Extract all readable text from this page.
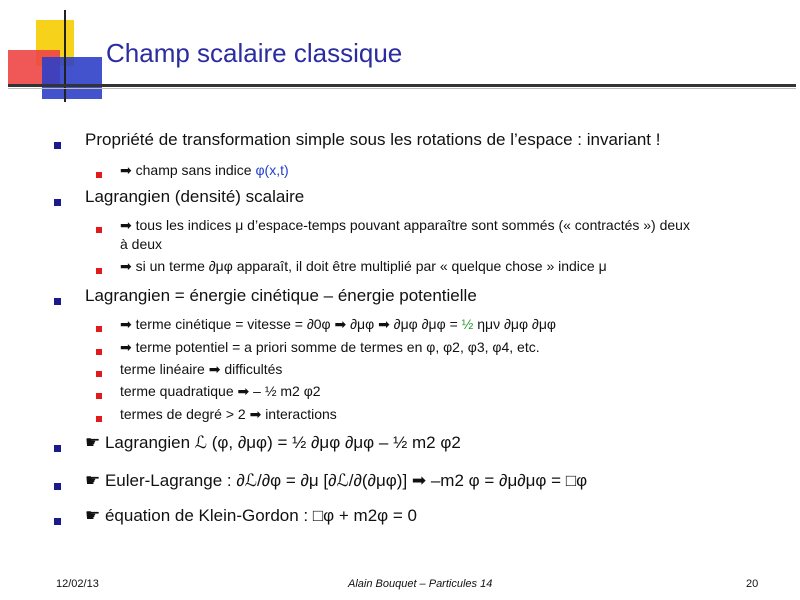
Champ scalaire classique
Propriété de transformation simple sous les rotations de l’espace : invariant !
➡ champ sans indice φ(x,t)
Lagrangien (densité) scalaire
➡ tous les indices μ d’espace-temps pouvant apparaître sont sommés (« contractés ») deux
à deux
➡ si un terme ∂μφ apparaît, il doit être multiplié par « quelque chose » indice μ
Lagrangien = énergie cinétique – énergie potentielle
➡ terme cinétique = vitesse = ∂0φ ➡ ∂μφ ➡ ∂μφ ∂μφ = ½ ημν ∂μφ ∂μφ
➡ terme potentiel = a priori somme de termes en φ, φ2, φ3, φ4, etc.
terme linéaire ➡ difficultés
terme quadratique ➡ – ½ m2 φ2
termes de degré > 2 ➡ interactions
☛ Lagrangien ℒ (φ, ∂μφ) = ½ ∂μφ ∂μφ – ½ m2 φ2
☛ Euler-Lagrange : ∂ℒ/∂φ = ∂μ [∂ℒ/∂(∂μφ)] ➡ –m2 φ = ∂μ∂μφ = □φ
☛ équation de Klein-Gordon : □φ + m2φ = 0
12/02/13	Alain Bouquet – Particules 14	20
